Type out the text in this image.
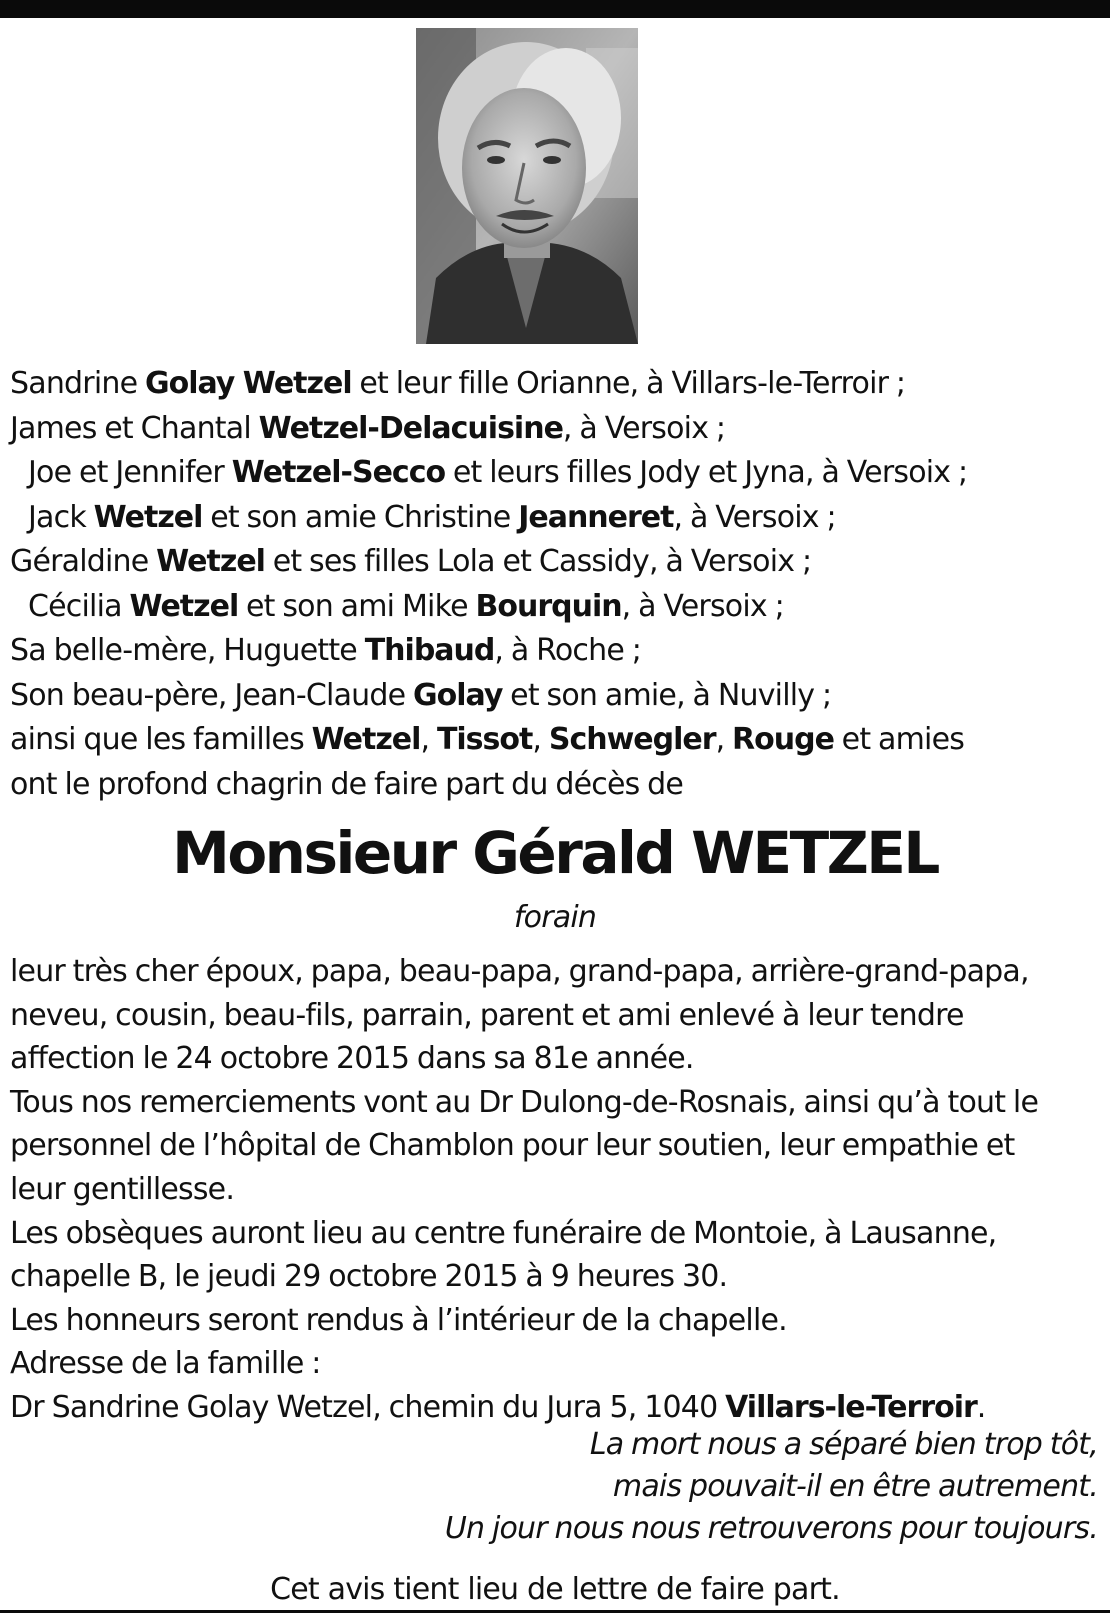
Sandrine Golay Wetzel et leur fille Orianne, à Villars-le-Terroir ;
James et Chantal Wetzel-Delacuisine, à Versoix ;
Joe et Jennifer Wetzel-Secco et leurs filles Jody et Jyna, à Versoix ;
Jack Wetzel et son amie Christine Jeanneret, à Versoix ;
Géraldine Wetzel et ses filles Lola et Cassidy, à Versoix ;
Cécilia Wetzel et son ami Mike Bourquin, à Versoix ;
Sa belle-mère, Huguette Thibaud, à Roche ;
Son beau-père, Jean-Claude Golay et son amie, à Nuvilly ;
ainsi que les familles Wetzel, Tissot, Schwegler, Rouge et amies
ont le profond chagrin de faire part du décès de
Monsieur Gérald WETZEL
forain
leur très cher époux, papa, beau-papa, grand-papa, arrière-grand-papa,
neveu, cousin, beau-fils, parrain, parent et ami enlevé à leur tendre
affection le 24 octobre 2015 dans sa 81e année.
Tous nos remerciements vont au Dr Dulong-de-Rosnais, ainsi qu’à tout le
personnel de l’hôpital de Chamblon pour leur soutien, leur empathie et
leur gentillesse.
Les obsèques auront lieu au centre funéraire de Montoie, à Lausanne,
chapelle B, le jeudi 29 octobre 2015 à 9 heures 30.
Les honneurs seront rendus à l’intérieur de la chapelle.
Adresse de la famille :
Dr Sandrine Golay Wetzel, chemin du Jura 5, 1040 Villars-le-Terroir.
La mort nous a séparé bien trop tôt,
mais pouvait-il en être autrement.
Un jour nous nous retrouverons pour toujours.
Cet avis tient lieu de lettre de faire part.
